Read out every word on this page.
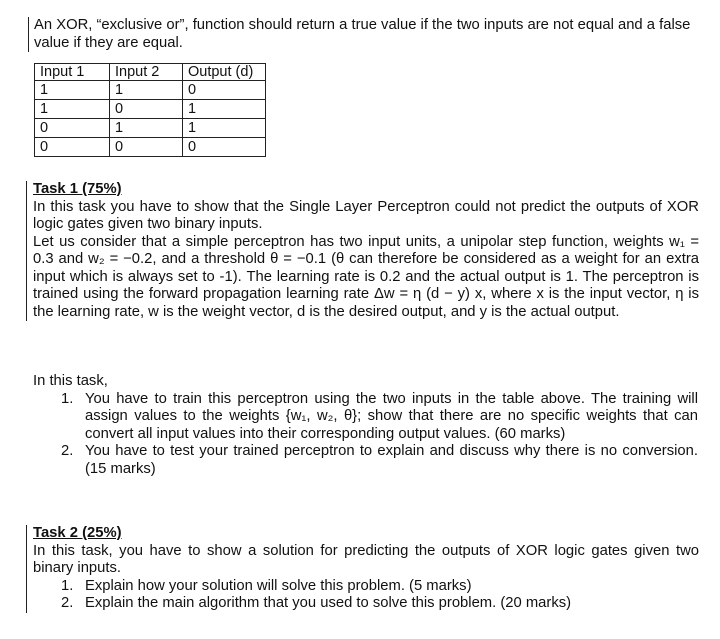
An XOR, “exclusive or”, function should return a true value if the two inputs are not equal and a false value if they are equal.
Input 1	Input 2	Output (d)
1	1	0
1	0	1
0	1	1
0	0	0
Task 1 (75%)
In this task you have to show that the Single Layer Perceptron could not predict the outputs of XOR logic gates given two binary inputs.
Let us consider that a simple perceptron has two input units, a unipolar step function, weights w₁ = 0.3 and w₂ = −0.2, and a threshold θ = −0.1 (θ can therefore be considered as a weight for an extra input which is always set to -1). The learning rate is 0.2 and the actual output is 1. The perceptron is trained using the forward propagation learning rate Δw = η (d − y) x, where x is the input vector, η is the learning rate, w is the weight vector, d is the desired output, and y is the actual output.
In this task,
1. You have to train this perceptron using the two inputs in the table above. The training will assign values to the weights {w₁, w₂, θ}; show that there are no specific weights that can convert all input values into their corresponding output values. (60 marks)
2. You have to test your trained perceptron to explain and discuss why there is no conversion. (15 marks)
Task 2 (25%)
In this task, you have to show a solution for predicting the outputs of XOR logic gates given two binary inputs.
1. Explain how your solution will solve this problem. (5 marks)
2. Explain the main algorithm that you used to solve this problem. (20 marks)
